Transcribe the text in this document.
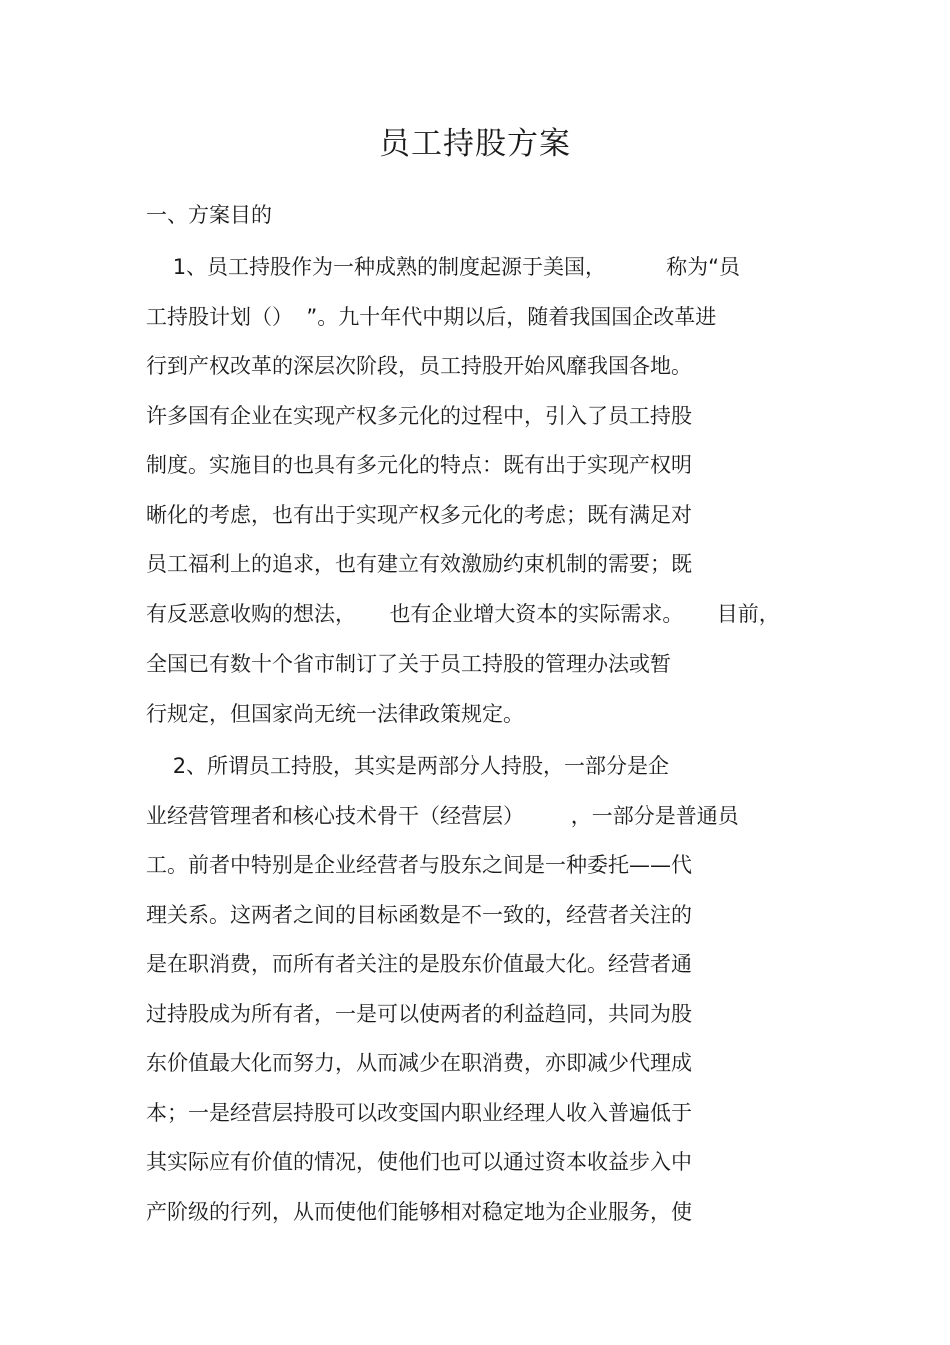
员工持股方案
一、方案目的
1、员工持股作为一种成熟的制度起源于美国，         称为“员
工持股计划（）  ”。九十年代中期以后，随着我国国企改革进
行到产权改革的深层次阶段，员工持股开始风靡我国各地。
许多国有企业在实现产权多元化的过程中，引入了员工持股
制度。实施目的也具有多元化的特点：既有出于实现产权明
晰化的考虑，也有出于实现产权多元化的考虑；既有满足对
员工福利上的追求，也有建立有效激励约束机制的需要；既
有反恶意收购的想法，     也有企业增大资本的实际需求。     目前，
全国已有数十个省市制订了关于员工持股的管理办法或暂
行规定，但国家尚无统一法律政策规定。
2、所谓员工持股，其实是两部分人持股，一部分是企
业经营管理者和核心技术骨干（经营层）       ，一部分是普通员
工。前者中特别是企业经营者与股东之间是一种委托——代
理关系。这两者之间的目标函数是不一致的，经营者关注的
是在职消费，而所有者关注的是股东价值最大化。经营者通
过持股成为所有者，一是可以使两者的利益趋同，共同为股
东价值最大化而努力，从而减少在职消费，亦即减少代理成
本；一是经营层持股可以改变国内职业经理人收入普遍低于
其实际应有价值的情况，使他们也可以通过资本收益步入中
产阶级的行列，从而使他们能够相对稳定地为企业服务，使
